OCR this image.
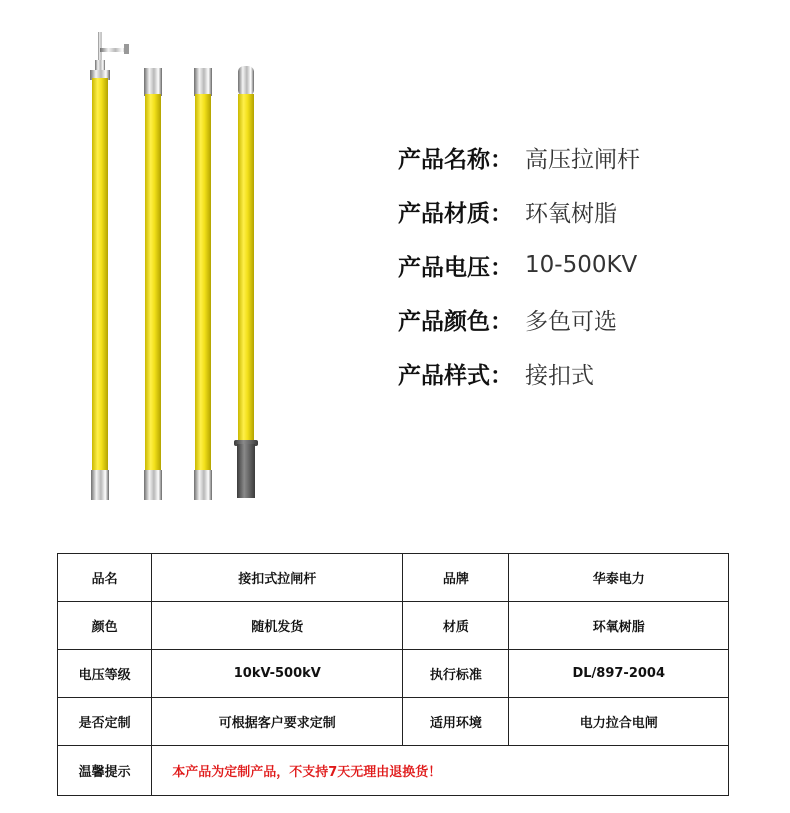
产品名称： 高压拉闸杆
产品材质： 环氧树脂
产品电压： 10-500KV
产品颜色： 多色可选
产品样式： 接扣式
品名	接扣式拉闸杆	品牌	华泰电力
颜色	随机发货	材质	环氧树脂
电压等级	10kV-500kV	执行标准	DL/897-2004
是否定制	可根据客户要求定制	适用环境	电力拉合电闸
温馨提示	本产品为定制产品，不支持7天无理由退换货！		
